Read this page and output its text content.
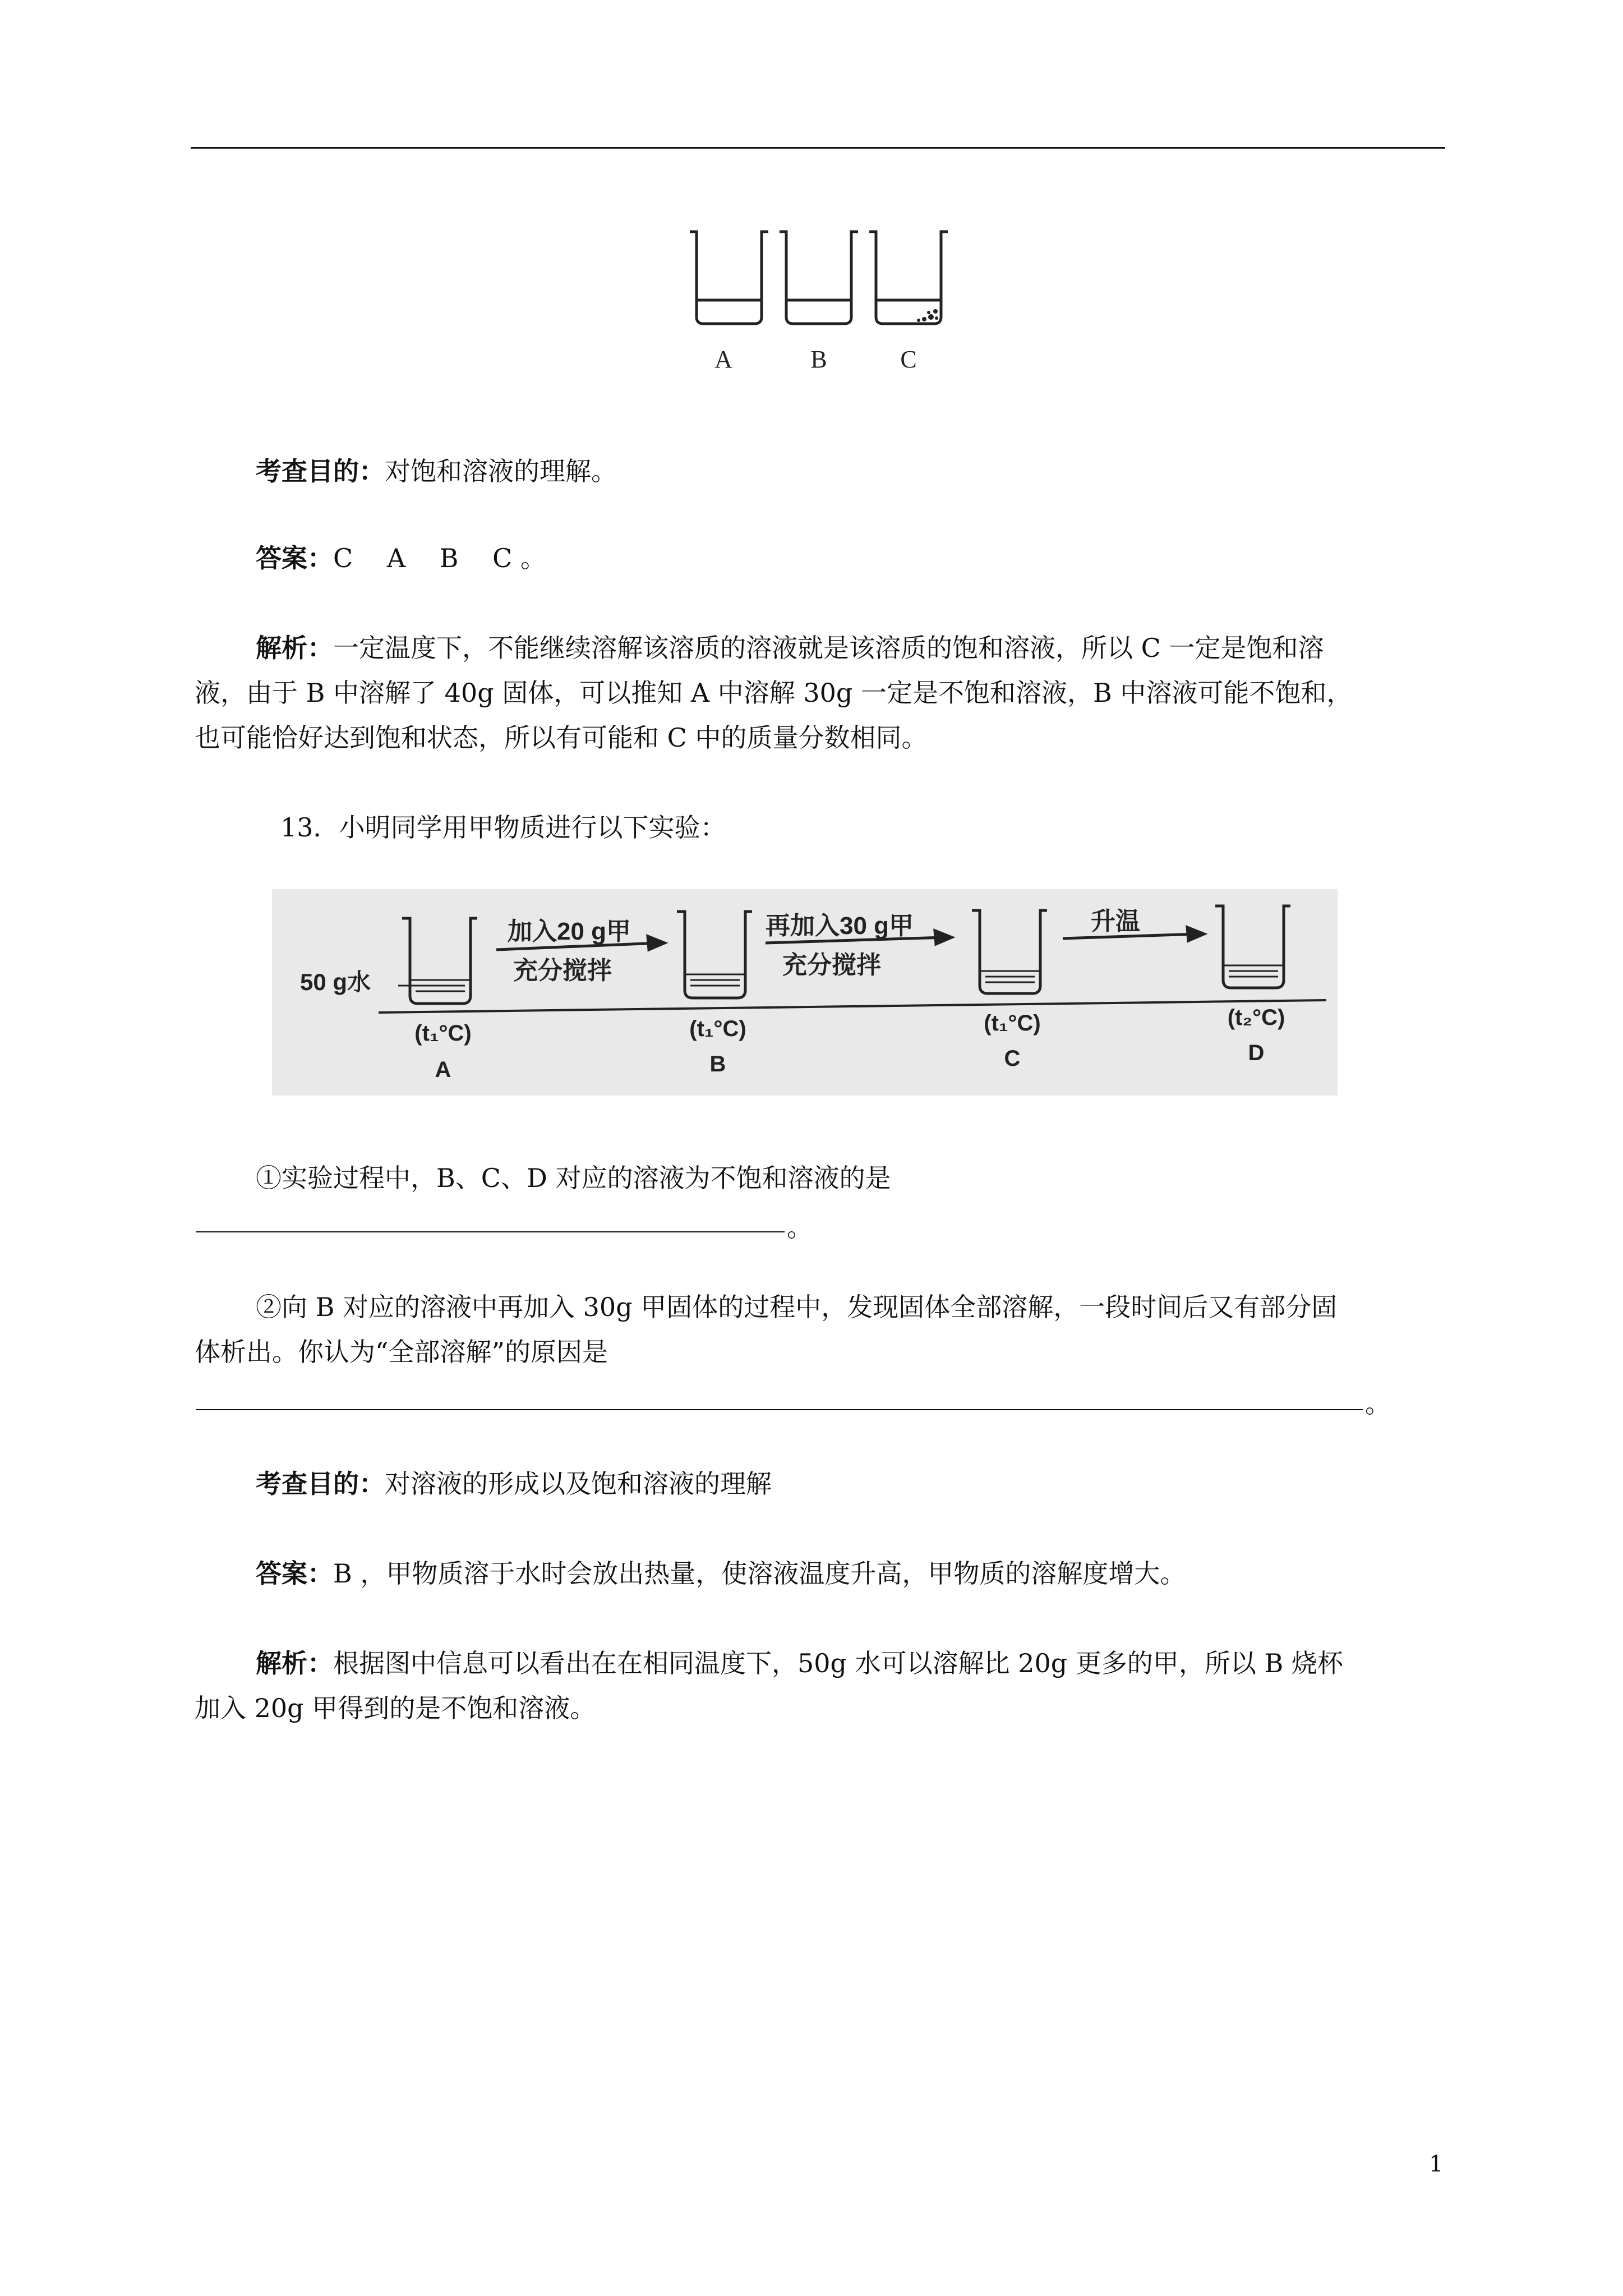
A	B	C
考查目的：对饱和溶液的理解。
答案：C　 A　 B　 C 。
解析：一定温度下，不能继续溶解该溶质的溶液就是该溶质的饱和溶液，所以 C 一定是饱和溶
液，由于 B 中溶解了 40g 固体，可以推知 A 中溶解 30g 一定是不饱和溶液，B 中溶液可能不饱和，
也可能恰好达到饱和状态，所以有可能和 C 中的质量分数相同。
13．小明同学用甲物质进行以下实验：
50 g水
加入20 g甲
充分搅拌
再加入30 g甲
充分搅拌
升温
(t₁°C)	(t₁°C)	(t₁°C)	(t₂°C)
A	B	C	D
①实验过程中，B、C、D 对应的溶液为不饱和溶液的是
。
②向 B 对应的溶液中再加入 30g 甲固体的过程中，发现固体全部溶解，一段时间后又有部分固
体析出。你认为“全部溶解”的原因是
。
考查目的：对溶液的形成以及饱和溶液的理解
答案：B ，甲物质溶于水时会放出热量，使溶液温度升高，甲物质的溶解度增大。
解析：根据图中信息可以看出在在相同温度下，50g 水可以溶解比 20g 更多的甲，所以 B 烧杯
加入 20g 甲得到的是不饱和溶液。
1
